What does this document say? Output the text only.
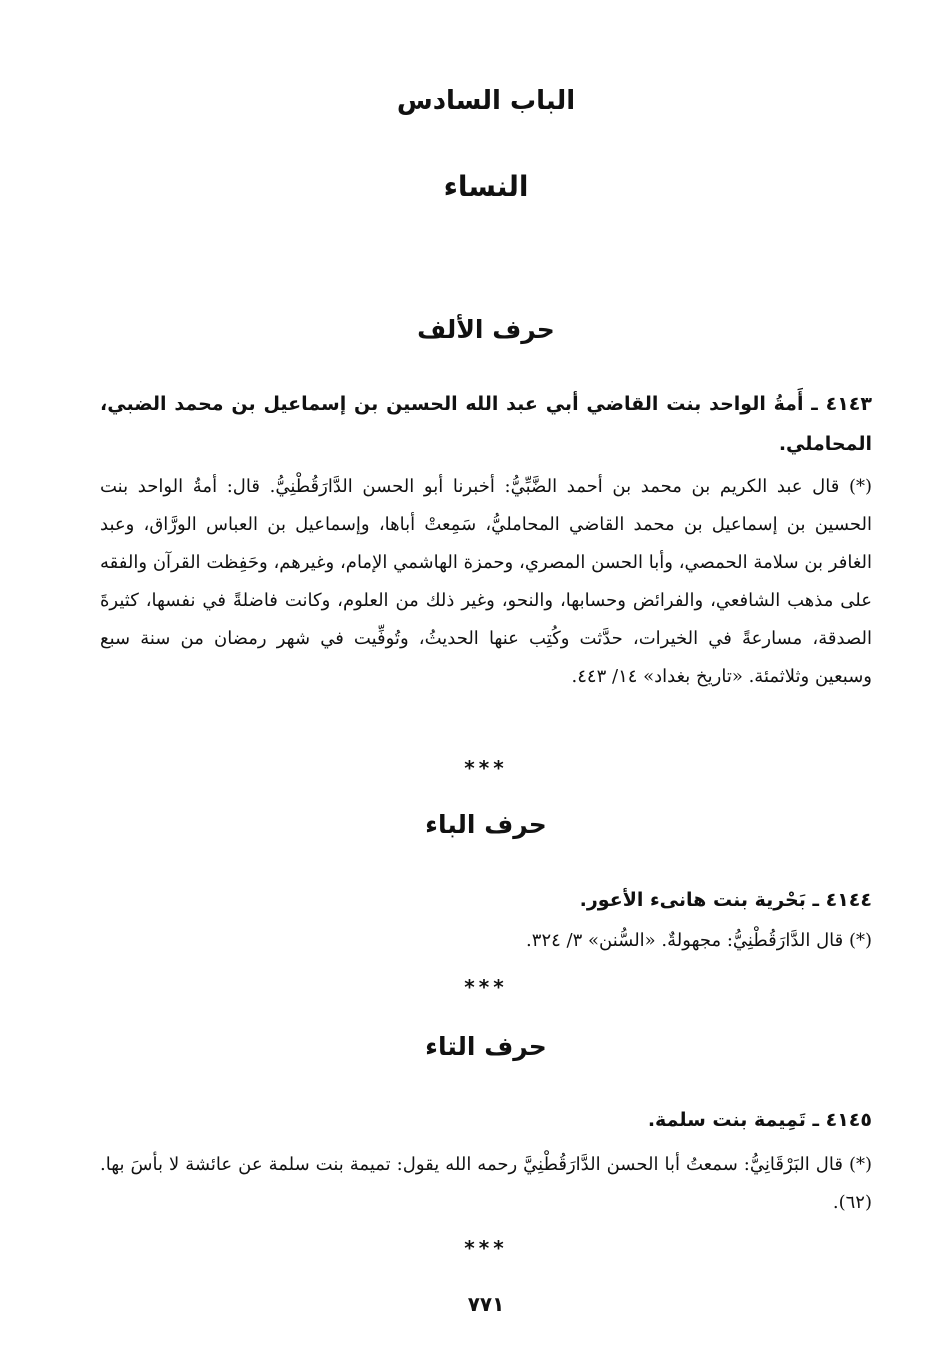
الباب السادس
النساء
حرف الألف
٤١٤٣ ـ أَمةُ الواحد بنت القاضي أبي عبد الله الحسين بن إسماعيل بن محمد الضبي، المحاملي.
(*) قال عبد الكريم بن محمد بن أحمد الضَّبِّيُّ: أخبرنا أبو الحسن الدَّارَقُطْنِيُّ. قال: أمةُ الواحد بنت الحسين بن إسماعيل بن محمد القاضي المحامليُّ، سَمِعتْ أباها، وإسماعيل بن العباس الورَّاق، وعبد الغافر بن سلامة الحمصي، وأبا الحسن المصري، وحمزة الهاشمي الإمام، وغيرهم، وحَفِظت القرآن والفقه على مذهب الشافعي، والفرائض وحسابها، والنحو، وغير ذلك من العلوم، وكانت فاضلةً في نفسها، كثيرةَ الصدقة، مسارعةً في الخيرات، حدَّثت وكُتِب عنها الحديثُ، وتُوفِّيت في شهر رمضان من سنة سبع وسبعين وثلاثمئة. «تاريخ بغداد» ١٤/ ٤٤٣.
***
حرف الباء
٤١٤٤ ـ بَحْرية بنت هانىء الأعور.
(*) قال الدَّارَقُطْنِيُّ: مجهولةٌ. «السُّنن» ٣/ ٣٢٤.
***
حرف التاء
٤١٤٥ ـ تَمِيمة بنت سلمة.
(*) قال البَرْقَانِيُّ: سمعتُ أبا الحسن الدَّارَقُطْنِيَّ رحمه الله يقول: تميمة بنت سلمة عن عائشة لا بأسَ بها. (٦٢).
***
٧٧١
